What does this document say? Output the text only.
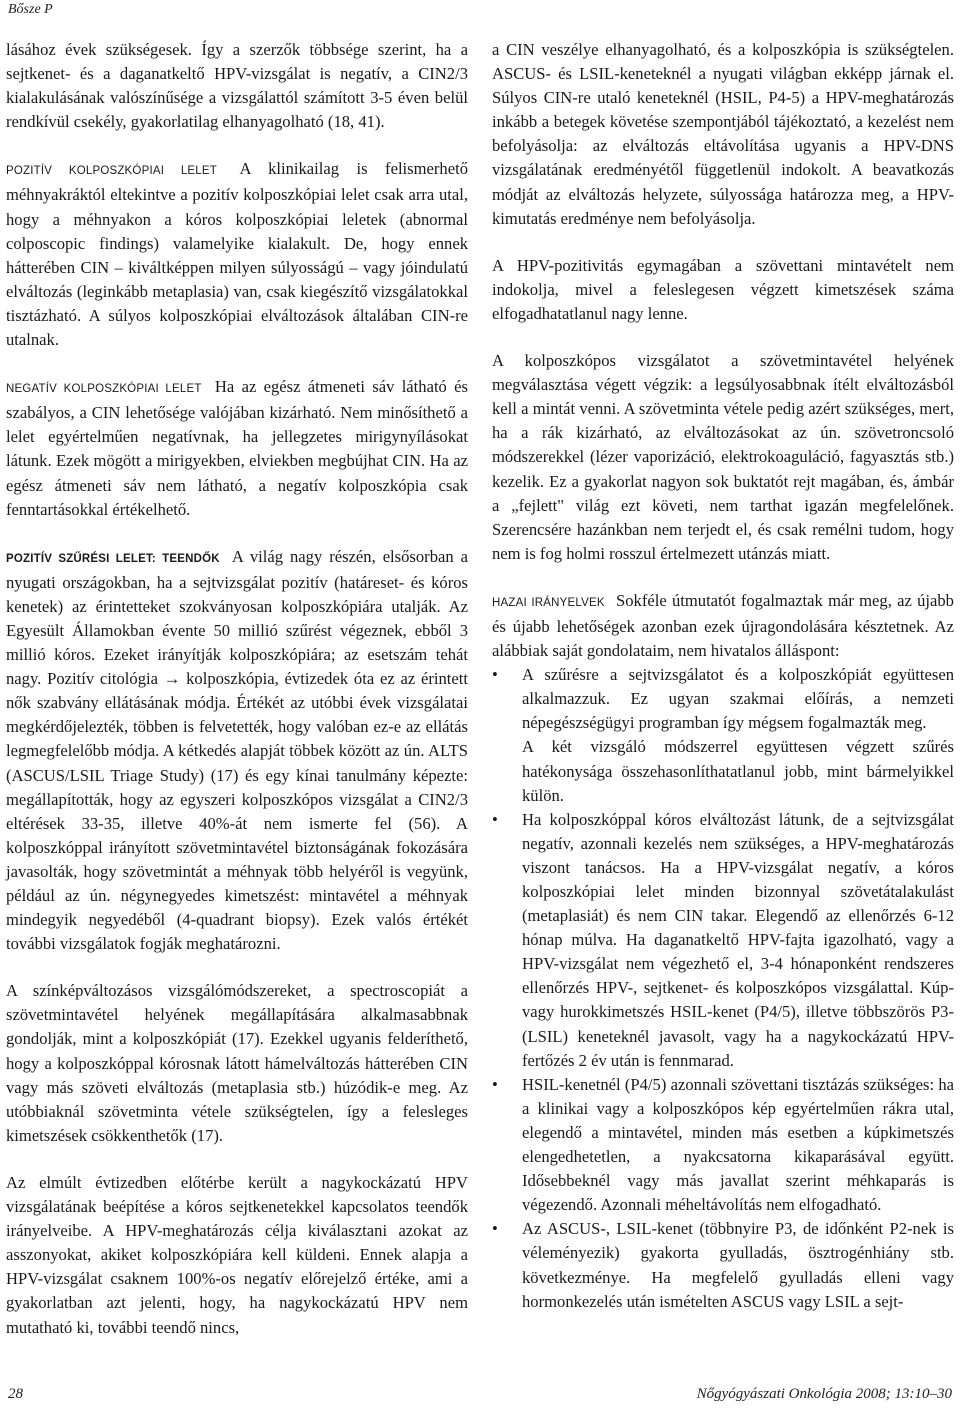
Bősze P

lásához évek szükségesek. Így a szerzők többsége szerint, ha a sejtkenet- és a daganatkeltő HPV-vizsgálat is negatív, a CIN2/3 kialakulásának valószínűsége a vizsgálattól számított 3-5 éven belül rendkívül csekély, gyakorlatilag elhanyagolható (18, 41).

POZITÍV KOLPOSZKÓPIAI LELET A klinikailag is felismerhető méhnyakráktól eltekintve a pozitív kolposzkópiai lelet csak arra utal, hogy a méhnyakon a kóros kolposzkópiai leletek (abnormal colposcopic findings) valamelyike kialakult. De, hogy ennek hátterében CIN – kiváltképpen milyen súlyosságú – vagy jóindulatú elváltozás (leginkább metaplasia) van, csak kiegészítő vizsgálatokkal tisztázható. A súlyos kolposzkópiai elváltozások általában CIN-re utalnak.

NEGATÍV KOLPOSZKÓPIAI LELET Ha az egész átmeneti sáv látható és szabályos, a CIN lehetősége valójában kizárható. Nem minősíthető a lelet egyértelműen negatívnak, ha jellegzetes mirigynyílásokat látunk. Ezek mögött a mirigyekben, elviekben megbújhat CIN. Ha az egész átmeneti sáv nem látható, a negatív kolposzkópia csak fenntartásokkal értékelhető.

POZITÍV SZŰRÉSI LELET: TEENDŐK A világ nagy részén, elsősorban a nyugati országokban, ha a sejtvizsgálat pozitív (határeset- és kóros kenetek) az érintetteket szokványosan kolposzkópiára utalják. Az Egyesült Államokban évente 50 millió szűrést végeznek, ebből 3 millió kóros. Ezeket irányítják kolposzkópiára; az esetszám tehát nagy. Pozitív citológia → kolposzkópia, évtizedek óta ez az érintett nők szabvány ellátásának módja. Értékét az utóbbi évek vizsgálatai megkérdőjelezték, többen is felvetették, hogy valóban ez-e az ellátás legmegfelelőbb módja. A kétkedés alapját többek között az ún. ALTS (ASCUS/LSIL Triage Study) (17) és egy kínai tanulmány képezte: megállapították, hogy az egyszeri kolposzkópos vizsgálat a CIN2/3 eltérések 33-35, illetve 40%-át nem ismerte fel (56). A kolposzkóppal irányított szövetmintavétel biztonságának fokozására javasolták, hogy szövetmintát a méhnyak több helyéről is vegyünk, például az ún. négynegyedes kimetszést: mintavétel a méhnyak mindegyik negyedéből (4-quadrant biopsy). Ezek valós értékét további vizsgálatok fogják meghatározni.

A színképváltozásos vizsgálómódszereket, a spectroscopiát a szövetmintavétel helyének megállapítására alkalmasabbnak gondolják, mint a kolposzkópiát (17). Ezekkel ugyanis felderíthető, hogy a kolposzkóppal kórosnak látott hámelváltozás hátterében CIN vagy más szöveti elváltozás (metaplasia stb.) húzódik-e meg. Az utóbbiaknál szövetminta vétele szükségtelen, így a felesleges kimetszések csökkenthetők (17).

Az elmúlt évtizedben előtérbe került a nagykockázatú HPV vizsgálatának beépítése a kóros sejtkenetekkel kapcsolatos teendők irányelveibe. A HPV-meghatározás célja kiválasztani azokat az asszonyokat, akiket kolposzkópiára kell küldeni. Ennek alapja a HPV-vizsgálat csaknem 100%-os negatív előrejelző értéke, ami a gyakorlatban azt jelenti, hogy, ha nagykockázatú HPV nem mutatható ki, további teendő nincs,

a CIN veszélye elhanyagolható, és a kolposzkópia is szükségtelen. ASCUS- és LSIL-keneteknél a nyugati világban ekképp járnak el. Súlyos CIN-re utaló keneteknél (HSIL, P4-5) a HPV-meghatározás inkább a betegek követése szempontjából tájékoztató, a kezelést nem befolyásolja: az elváltozás eltávolítása ugyanis a HPV-DNS vizsgálatának eredményétől függetlenül indokolt. A beavatkozás módját az elváltozás helyzete, súlyossága határozza meg, a HPV-kimutatás eredménye nem befolyásolja.

A HPV-pozitivitás egymagában a szövettani mintavételt nem indokolja, mivel a feleslegesen végzett kimetszések száma elfogadhatatlanul nagy lenne.

A kolposzkópos vizsgálatot a szövetmintavétel helyének megválasztása végett végzik: a legsúlyosabbnak ítélt elváltozásból kell a mintát venni. A szövetminta vétele pedig azért szükséges, mert, ha a rák kizárható, az elváltozásokat az ún. szövetroncsoló módszerekkel (lézer vaporizáció, elektrokoaguláció, fagyasztás stb.) kezelik. Ez a gyakorlat nagyon sok buktatót rejt magában, és, ámbár a „fejlett" világ ezt követi, nem tarthat igazán megfelelőnek. Szerencsére hazánkban nem terjedt el, és csak remélni tudom, hogy nem is fog holmi rosszul értelmezett utánzás miatt.

HAZAI IRÁNYELVEK Sokféle útmutatót fogalmaztak már meg, az újabb és újabb lehetőségek azonban ezek újragondolására késztetnek. Az alábbiak saját gondolataim, nem hivatalos álláspont:

• A szűrésre a sejtvizsgálatot és a kolposzkópiát együttesen alkalmazzuk. Ez ugyan szakmai előírás, a nemzeti népegészségügyi programban így mégsem fogalmazták meg.
A két vizsgáló módszerrel együttesen végzett szűrés hatékonysága összehasonlíthatatlanul jobb, mint bármelyikkel külön.
• Ha kolposzkóppal kóros elváltozást látunk, de a sejtvizsgálat negatív, azonnali kezelés nem szükséges, a HPV-meghatározás viszont tanácsos. Ha a HPV-vizsgálat negatív, a kóros kolposzkópiai lelet minden bizonnyal szövetátalakulást (metaplasiát) és nem CIN takar. Elegendő az ellenőrzés 6-12 hónap múlva. Ha daganatkeltő HPV-fajta igazolható, vagy a HPV-vizsgálat nem végezhető el, 3-4 hónaponként rendszeres ellenőrzés HPV-, sejtkenet- és kolposzkópos vizsgálattal. Kúp- vagy hurokkimetszés HSIL-kenet (P4/5), illetve többszörös P3- (LSIL) keneteknél javasolt, vagy ha a nagykockázatú HPV-fertőzés 2 év után is fennmarad.
• HSIL-kenetnél (P4/5) azonnali szövettani tisztázás szükséges: ha a klinikai vagy a kolposzkópos kép egyértelműen rákra utal, elegendő a mintavétel, minden más esetben a kúpkimetszés elengedhetetlen, a nyakcsatorna kikaparásával együtt. Idősebbeknél vagy más javallat szerint méhkaparás is végezendő. Azonnali méheltávolítás nem elfogadható.
• Az ASCUS-, LSIL-kenet (többnyire P3, de időnként P2-nek is véleményezik) gyakorta gyulladás, ösztrogénhiány stb. következménye. Ha megfelelő gyulladás elleni vagy hormonkezelés után ismételten ASCUS vagy LSIL a sejt-
28	Nőgyógyászati Onkológia 2008; 13:10–30
